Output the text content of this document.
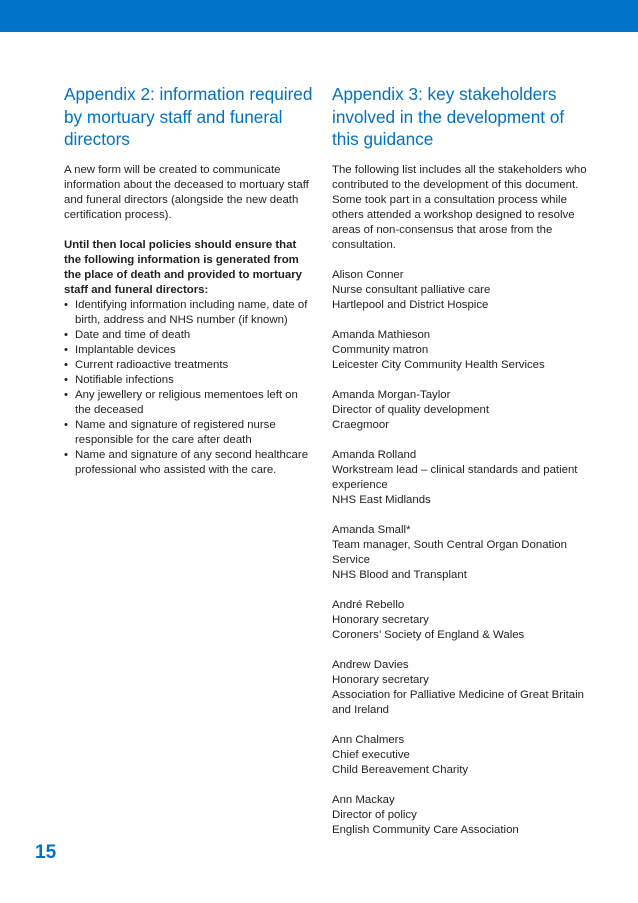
Appendix 2: information required by mortuary staff and funeral directors

A new form will be created to communicate information about the deceased to mortuary staff and funeral directors (alongside the new death certification process).

Until then local policies should ensure that the following information is generated from the place of death and provided to mortuary staff and funeral directors:

• Identifying information including name, date of birth, address and NHS number (if known)
• Date and time of death
• Implantable devices
• Current radioactive treatments
• Notifiable infections
• Any jewellery or religious mementoes left on the deceased
• Name and signature of registered nurse responsible for the care after death
• Name and signature of any second healthcare professional who assisted with the care.
Appendix 3: key stakeholders involved in the development of this guidance

The following list includes all the stakeholders who contributed to the development of this document. Some took part in a consultation process while others attended a workshop designed to resolve areas of non-consensus that arose from the consultation.

Alison Conner
Nurse consultant palliative care
Hartlepool and District Hospice
Amanda Mathieson
Community matron
Leicester City Community Health Services
Amanda Morgan-Taylor
Director of quality development
Craegmoor
Amanda Rolland
Workstream lead – clinical standards and patient experience
NHS East Midlands
Amanda Small*
Team manager, South Central Organ Donation Service
NHS Blood and Transplant
André Rebello
Honorary secretary
Coroners’ Society of England & Wales
Andrew Davies
Honorary secretary
Association for Palliative Medicine of Great Britain and Ireland
Ann Chalmers
Chief executive
Child Bereavement Charity
Ann Mackay
Director of policy
English Community Care Association
15
